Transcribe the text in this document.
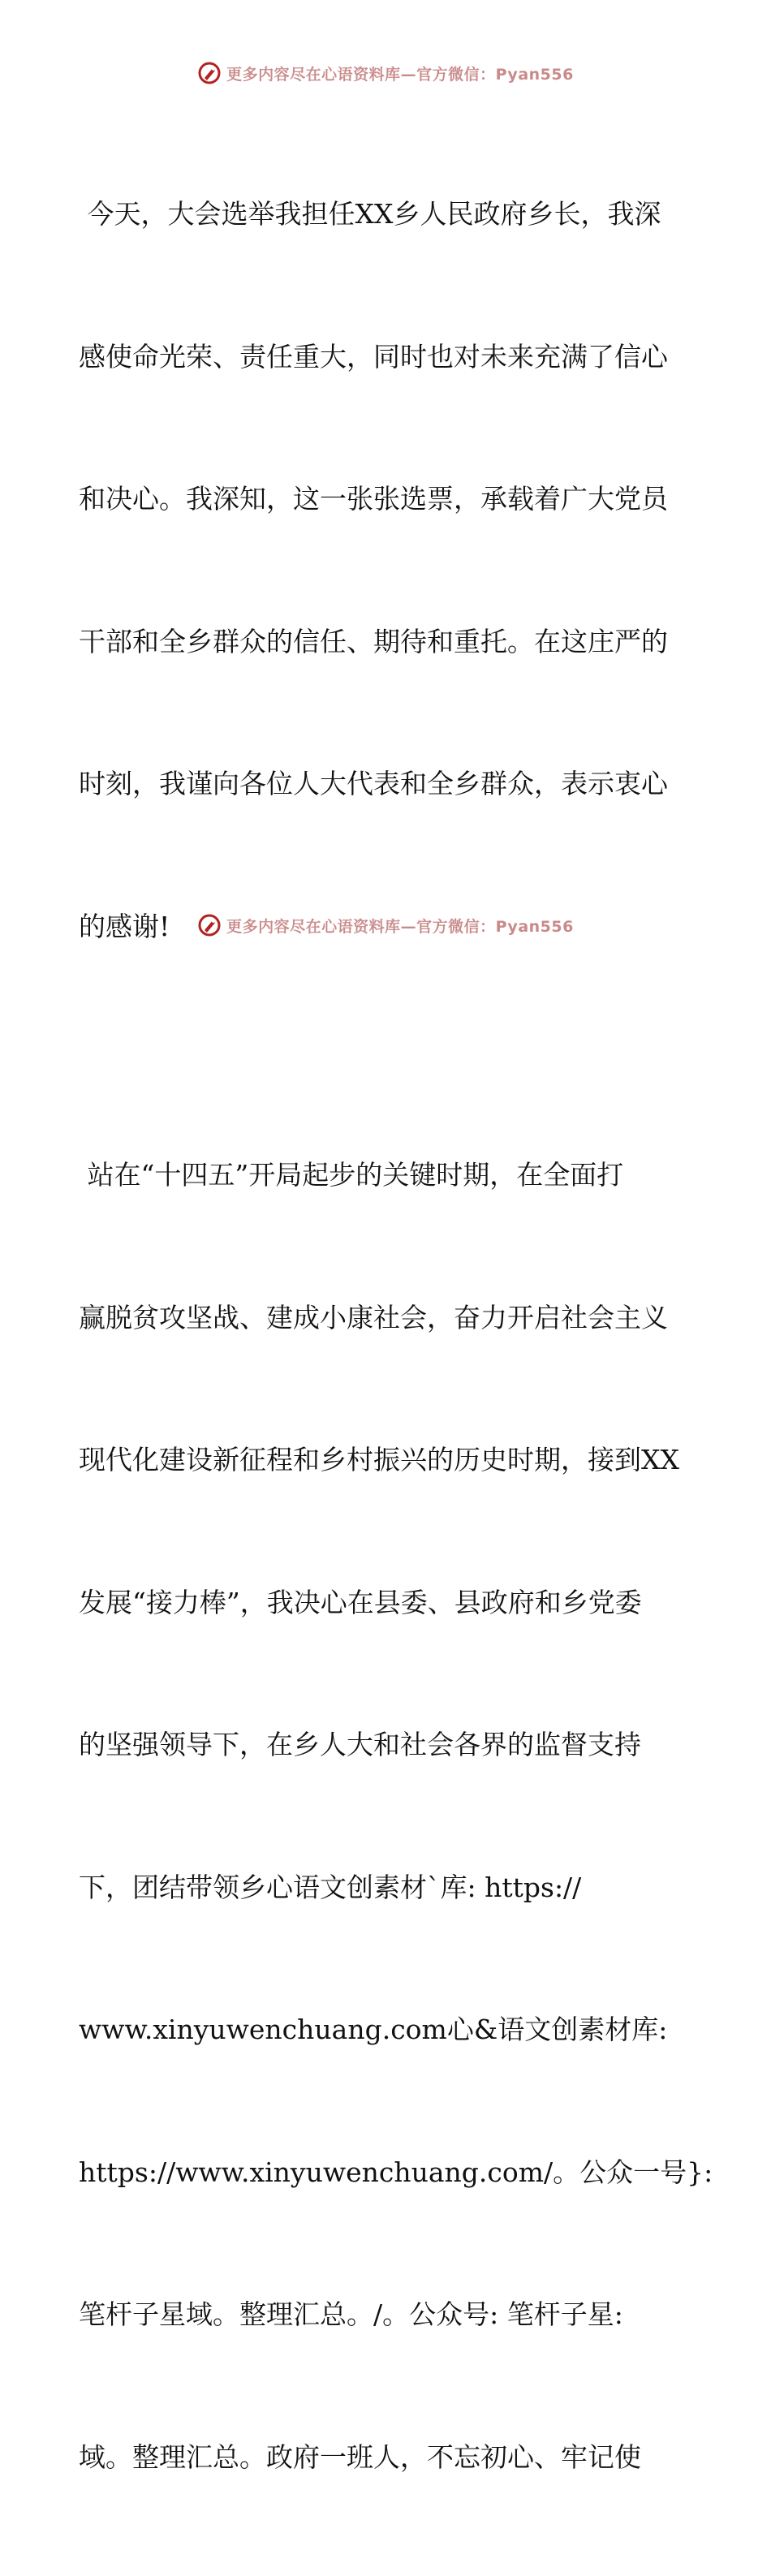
更多内容尽在心语资料库—官方微信：Pyan556

今天，大会选举我担任XX乡人民政府乡长，我深

感使命光荣、责任重大，同时也对未来充满了信心

和决心。我深知，这一张张选票，承载着广大党员

干部和全乡群众的信任、期待和重托。在这庄严的

时刻，我谨向各位人大代表和全乡群众，表示衷心

的感谢!

站在“十四五”开局起步的关键时期，在全面打

赢脱贫攻坚战、建成小康社会，奋力开启社会主义

现代化建设新征程和乡村振兴的历史时期，接到XX

发展“接力棒”，我决心在县委、县政府和乡党委

的坚强领导下，在乡人大和社会各界的监督支持

下，团结带领乡心语文创素材`库: https://

www.xinyuwenchuang.com心&语文创素材库:

https://www.xinyuwenchuang.com/。公众一号}:

笔杆子星域。整理汇总。/。公众号: 笔杆子星:

域。整理汇总。政府一班人，不忘初心、牢记使

更多内容尽在心语资料库—官方微信：Pyan556
